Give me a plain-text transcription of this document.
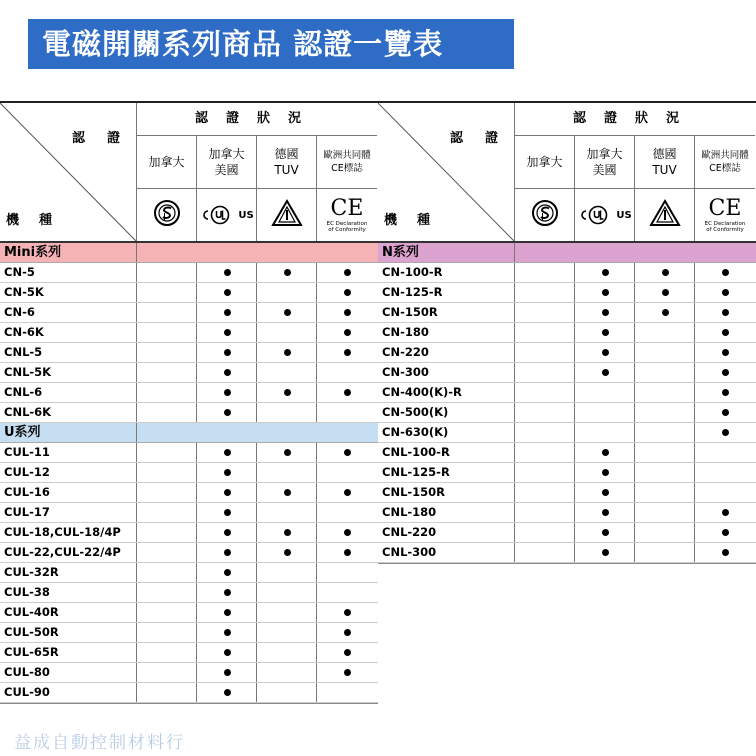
電磁開關系列商品 認證一覽表
認證
機種
認證狀況
加拿大
加拿大
美國
US
德國
TUV
歐洲共同體
CE標誌
CE
EC Declaration
of Conformity
Mini系列
CN-5
CN-5K
CN-6
CN-6K
CNL-5
CNL-5K
CNL-6
CNL-6K
U系列
CUL-11
CUL-12
CUL-16
CUL-17
CUL-18,CUL-18/4P
CUL-22,CUL-22/4P
CUL-32R
CUL-38
CUL-40R
CUL-50R
CUL-65R
CUL-80
CUL-90
認證
機種
認證狀況
加拿大
加拿大
美國
US
德國
TUV
歐洲共同體
CE標誌
CE
EC Declaration
of Conformity
N系列
CN-100-R
CN-125-R
CN-150R
CN-180
CN-220
CN-300
CN-400(K)-R
CN-500(K)
CN-630(K)
CNL-100-R
CNL-125-R
CNL-150R
CNL-180
CNL-220
CNL-300
益成自動控制材料行
